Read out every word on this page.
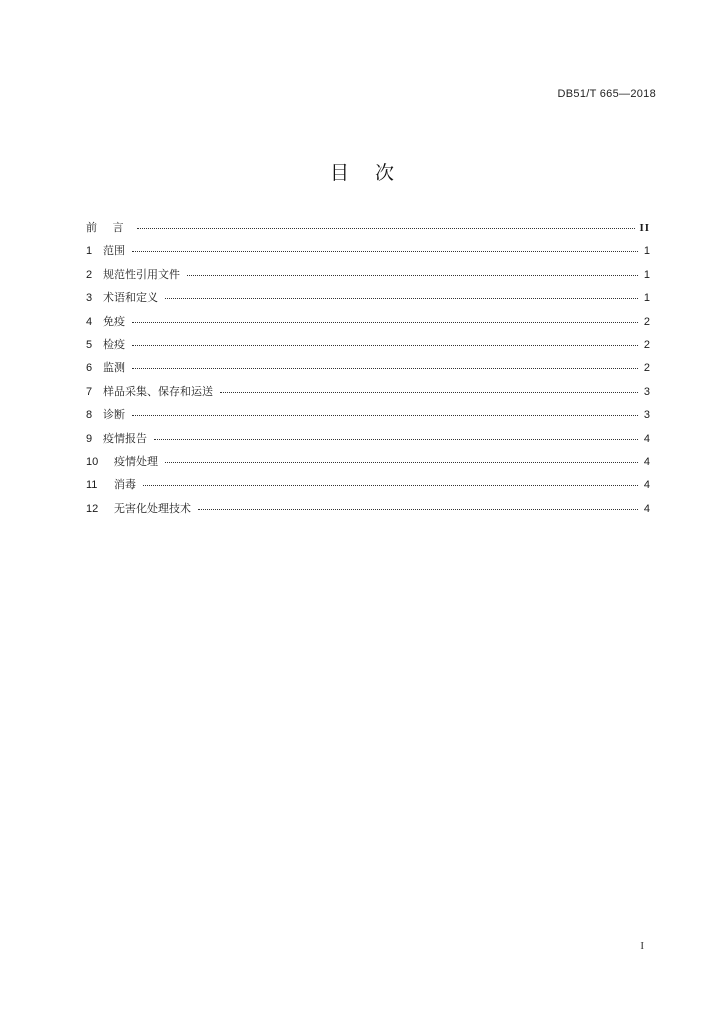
DB51/T 665—2018
目次
前 言	II
1 范围	1
2 规范性引用文件	1
3 术语和定义	1
4 免疫	2
5 检疫	2
6 监测	2
7 样品采集、保存和运送	3
8 诊断	3
9 疫情报告	4
10	疫情处理	4
11	消毒	4
12	无害化处理技术	4
I
